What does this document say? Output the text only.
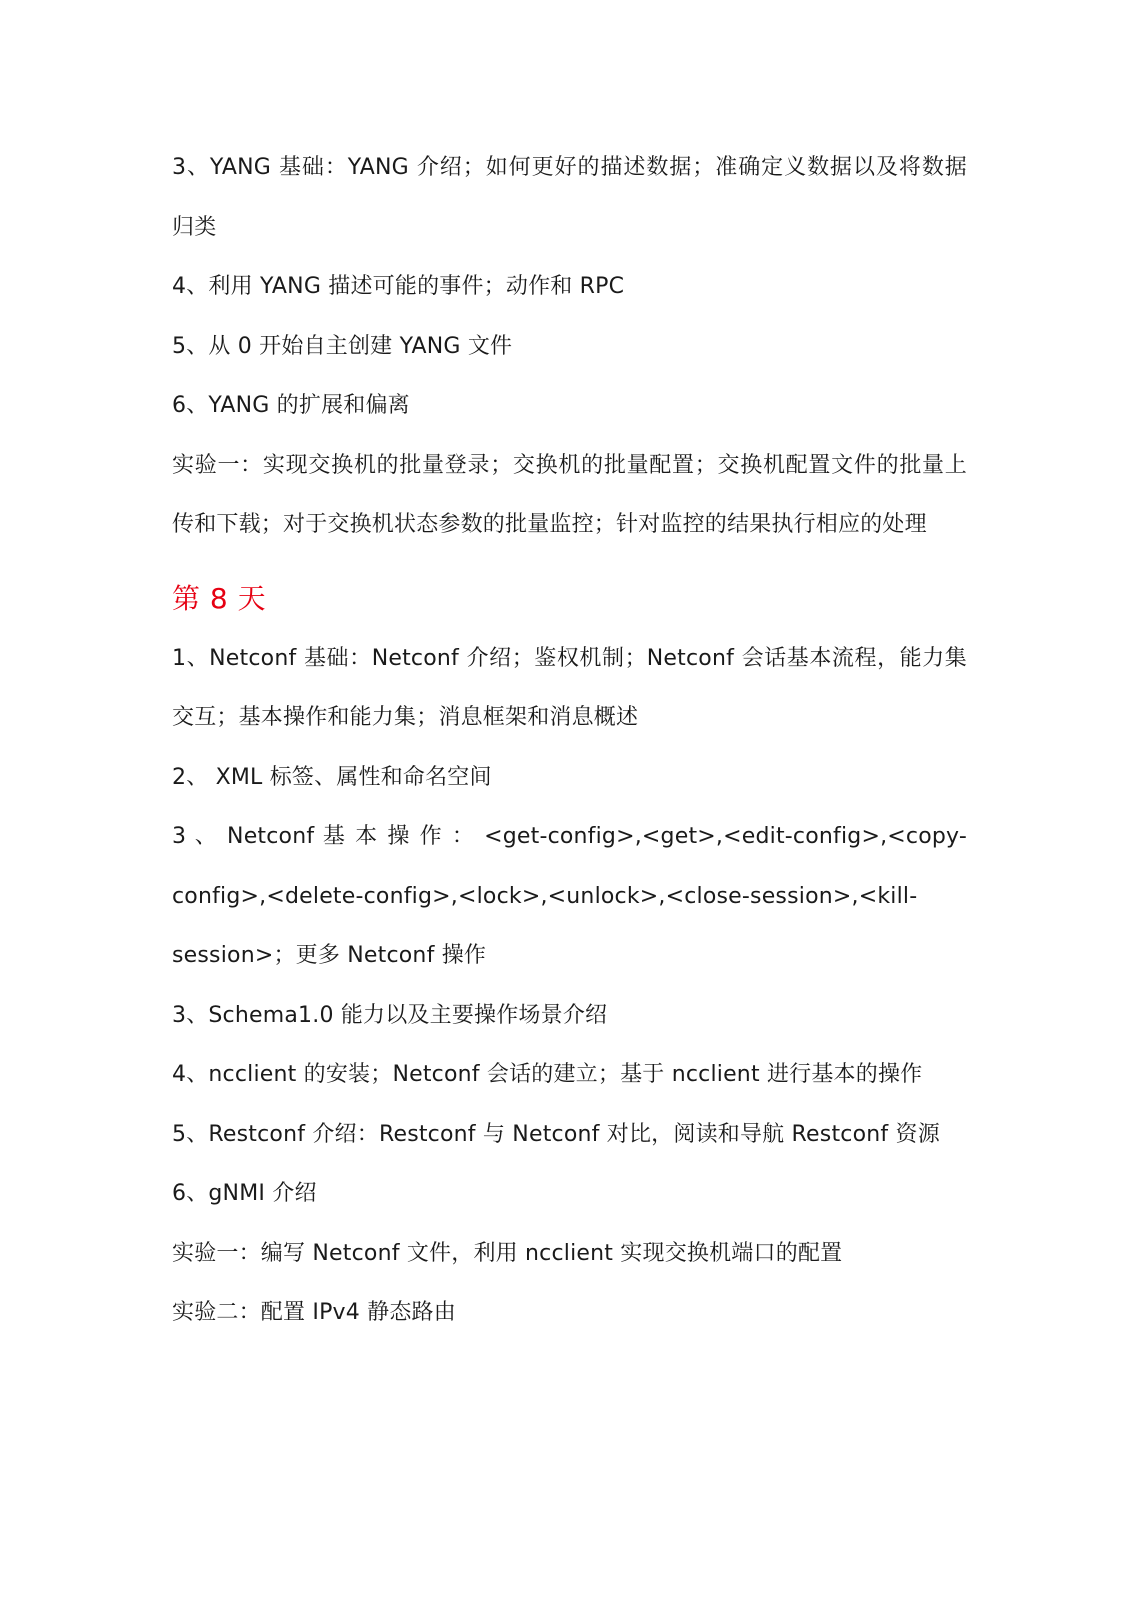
3、YANG 基础：YANG 介绍；如何更好的描述数据；准确定义数据以及将数据
归类
4、利用 YANG 描述可能的事件；动作和 RPC
5、从 0 开始自主创建 YANG 文件
6、YANG 的扩展和偏离
实验一：实现交换机的批量登录；交换机的批量配置；交换机配置文件的批量上
传和下载；对于交换机状态参数的批量监控；针对监控的结果执行相应的处理
第 8 天
1、Netconf 基础：Netconf 介绍；鉴权机制；Netconf 会话基本流程，能力集
交互；基本操作和能力集；消息框架和消息概述
2、 XML 标签、属性和命名空间
3 、 Netconf 基 本 操 作 ： <get-config>,<get>,<edit-config>,<copy-
config>,<delete-config>,<lock>,<unlock>,<close-session>,<kill-
session>；更多 Netconf 操作
3、Schema1.0 能力以及主要操作场景介绍
4、ncclient 的安装；Netconf 会话的建立；基于 ncclient 进行基本的操作
5、Restconf 介绍：Restconf 与 Netconf 对比，阅读和导航 Restconf 资源
6、gNMI 介绍
实验一：编写 Netconf 文件，利用 ncclient 实现交换机端口的配置
实验二：配置 IPv4 静态路由
